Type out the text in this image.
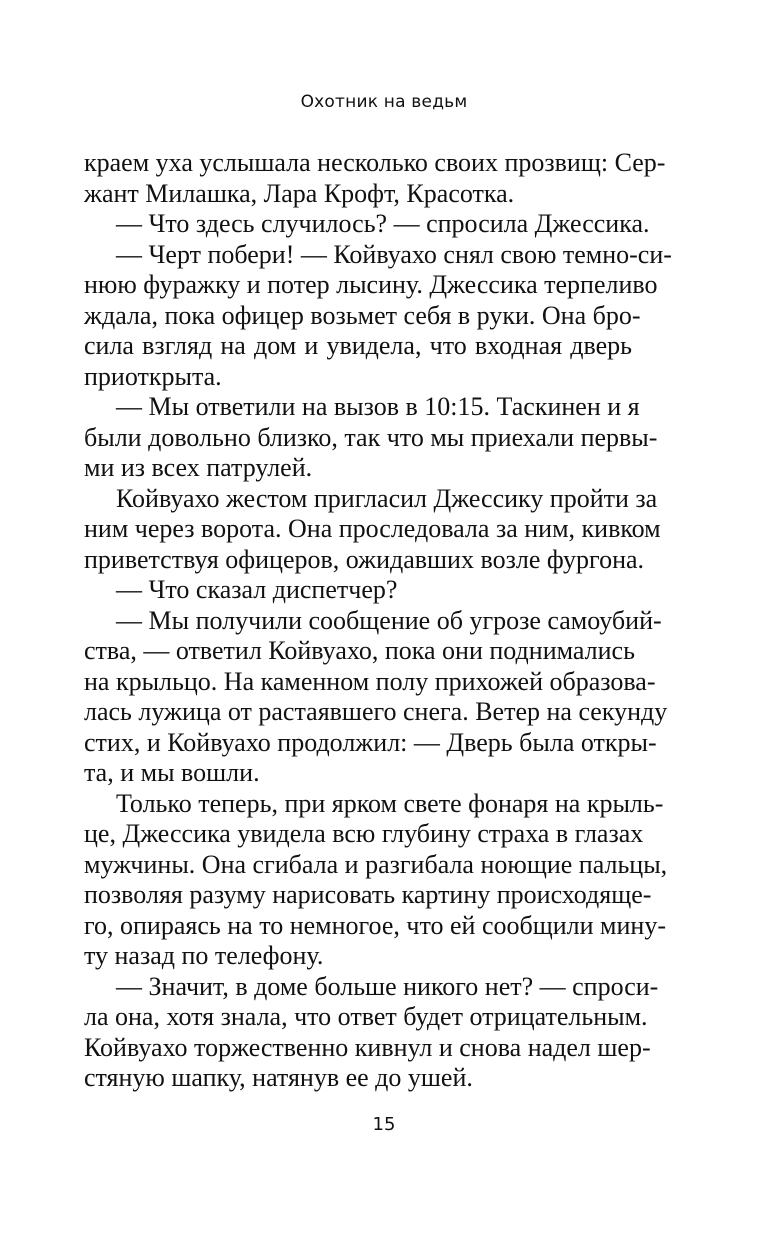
Охотник на ведьм
краем уха услышала несколько своих прозвищ: Сер-
жант Милашка, Лара Крофт, Красотка.
— Что здесь случилось? — спросила Джессика.
— Черт побери! — Койвуахо снял свою темно-си-
нюю фуражку и потер лысину. Джессика терпеливо
ждала, пока офицер возьмет себя в руки. Она бро-
сила взгляд на дом и увидела, что входная дверь
приоткрыта.
— Мы ответили на вызов в 10:15. Таскинен и я
были довольно близко, так что мы приехали первы-
ми из всех патрулей.
Койвуахо жестом пригласил Джессику пройти за
ним через ворота. Она проследовала за ним, кивком
приветствуя офицеров, ожидавших возле фургона.
— Что сказал диспетчер?
— Мы получили сообщение об угрозе самоубий-
ства, — ответил Койвуахо, пока они поднимались
на крыльцо. На каменном полу прихожей образова-
лась лужица от растаявшего снега. Ветер на секунду
стих, и Койвуахо продолжил: — Дверь была откры-
та, и мы вошли.
Только теперь, при ярком свете фонаря на крыль-
це, Джессика увидела всю глубину страха в глазах
мужчины. Она сгибала и разгибала ноющие пальцы,
позволяя разуму нарисовать картину происходяще-
го, опираясь на то немногое, что ей сообщили мину-
ту назад по телефону.
— Значит, в доме больше никого нет? — спроси-
ла она, хотя знала, что ответ будет отрицательным.
Койвуахо торжественно кивнул и снова надел шер-
стяную шапку, натянув ее до ушей.
15
